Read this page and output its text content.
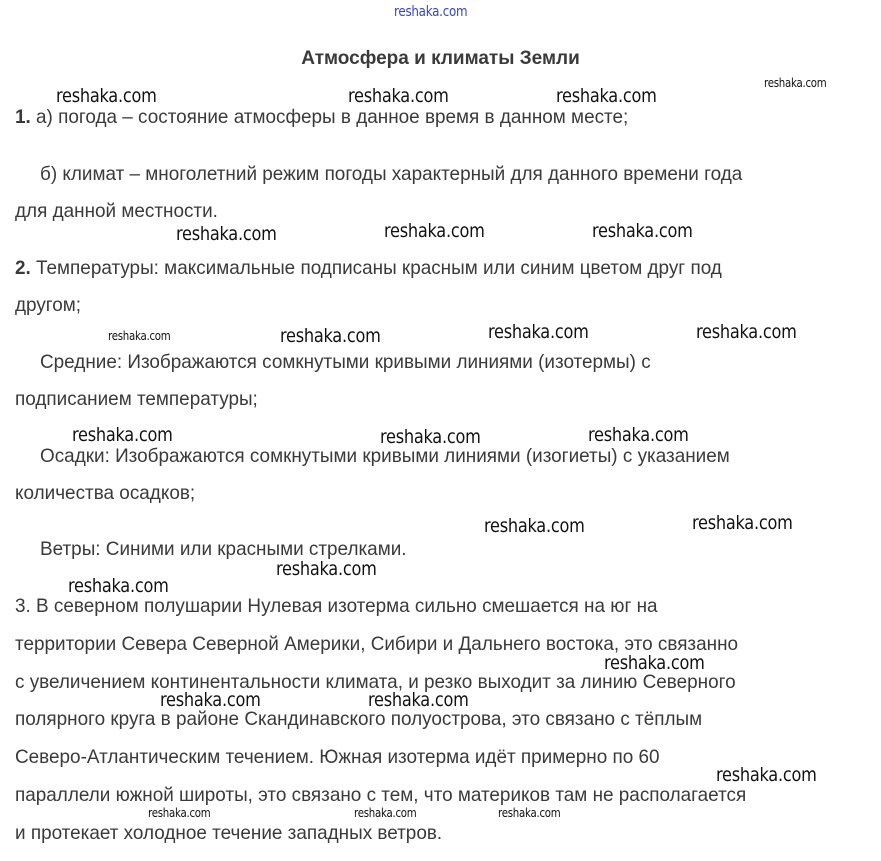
Атмосфера и климаты Земли
1. а) погода – состояние атмосферы в данное время в данном месте;
б) климат – многолетний режим погоды характерный для данного времени года
для данной местности.
2. Температуры: максимальные подписаны красным или синим цветом друг под
другом;
Средние: Изображаются сомкнутыми кривыми линиями (изотермы) с
подписанием температуры;
Осадки: Изображаются сомкнутыми кривыми линиями (изогиеты) с указанием
количества осадков;
Ветры: Синими или красными стрелками.
3. В северном полушарии Нулевая изотерма сильно смешается на юг на
территории Севера Северной Америки, Сибири и Дальнего востока, это связанно
с увеличением континентальности климата, и резко выходит за линию Северного
полярного круга в районе Скандинавского полуострова, это связано с тёплым
Северо-Атлантическим течением. Южная изотерма идёт примерно по 60
параллели южной широты, это связано с тем, что материков там не располагается
и протекает холодное течение западных ветров.
reshaka.com
reshaka.com
reshaka.com	reshaka.com	reshaka.com
reshaka.com	reshaka.com	reshaka.com
reshaka.com	reshaka.com	reshaka.com	reshaka.com
reshaka.com	reshaka.com	reshaka.com
reshaka.com	reshaka.com
reshaka.com
reshaka.com
reshaka.com
reshaka.com	reshaka.com
reshaka.com
reshaka.com	reshaka.com	reshaka.com
